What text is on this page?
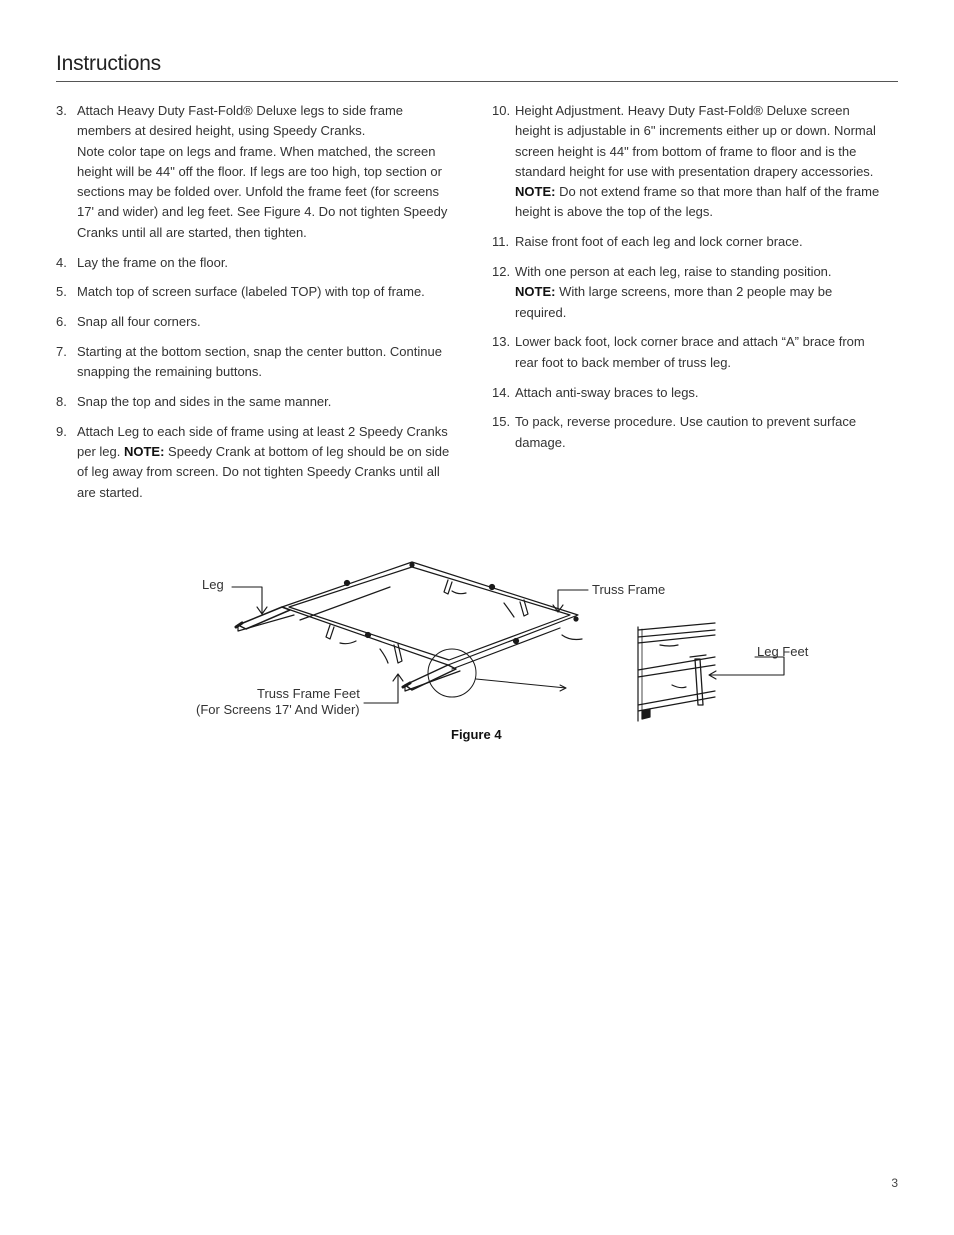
Instructions
3. Attach Heavy Duty Fast-Fold® Deluxe legs to side frame members at desired height, using Speedy Cranks.
Note color tape on legs and frame. When matched, the screen height will be 44" off the floor. If legs are too high, top section or sections may be folded over. Unfold the frame feet (for screens 17' and wider) and leg feet. See Figure 4. Do not tighten Speedy Cranks until all are started, then tighten.
4. Lay the frame on the floor.
5. Match top of screen surface (labeled TOP) with top of frame.
6. Snap all four corners.
7. Starting at the bottom section, snap the center button. Continue snapping the remaining buttons.
8. Snap the top and sides in the same manner.
9. Attach Leg to each side of frame using at least 2 Speedy Cranks per leg. NOTE: Speedy Crank at bottom of leg should be on side of leg away from screen. Do not tighten Speedy Cranks until all are started.
10. Height Adjustment. Heavy Duty Fast-Fold® Deluxe screen height is adjustable in 6" increments either up or down. Normal screen height is 44" from bottom of frame to floor and is the standard height for use with presentation drapery accessories.
NOTE: Do not extend frame so that more than half of the frame height is above the top of the legs.
11. Raise front foot of each leg and lock corner brace.
12. With one person at each leg, raise to standing position.
NOTE: With large screens, more than 2 people may be required.
13. Lower back foot, lock corner brace and attach “A” brace from rear foot to back member of truss leg.
14. Attach anti-sway braces to legs.
15. To pack, reverse procedure. Use caution to prevent surface damage.
Leg	Truss Frame
Leg Feet
Truss Frame Feet
(For Screens 17' And Wider)
Figure 4
3
